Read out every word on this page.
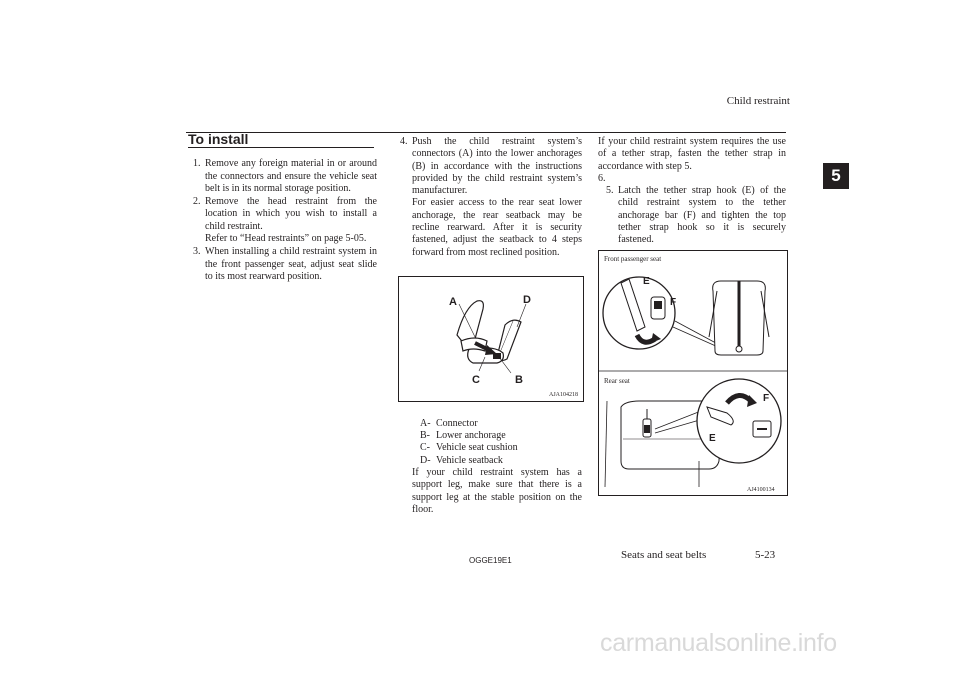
Child restraint
5
To install
1. Remove any foreign material in or around the connectors and ensure the vehicle seat belt is in its normal storage position.

2. Remove the head restraint from the location in which you wish to install a child restraint.

Refer to “Head restraints” on page 5-05.

3. When installing a child restraint system in the front passenger seat, adjust seat slide to its most rearward position.

4. Push the child restraint system’s connectors (A) into the lower anchorages (B) in accordance with the instructions provided by the child restraint system’s manufacturer.

For easier access to the rear seat lower anchorage, the rear seatback may be recline rearward. After it is security fastened, adjust the seatback to 4 steps forward from most reclined position.

A	D
C	B
AJA104218
A- Connector
B- Lower anchorage
C- Vehicle seat cushion
D- Vehicle seatback
If your child restraint system has a support leg, make sure that there is a support leg at the stable position on the floor.

If your child restraint system requires the use of a tether strap, fasten the tether strap in accordance with step 5.

6.

5. Latch the tether strap hook (E) of the child restraint system to the tether anchorage bar (F) and tighten the top tether strap hook so it is securely fastened.

Front passenger seat
E
F
Rear seat
F
E
AJ4100134
OGGE19E1	Seats and seat belts	5-23
carmanualsonline.info
